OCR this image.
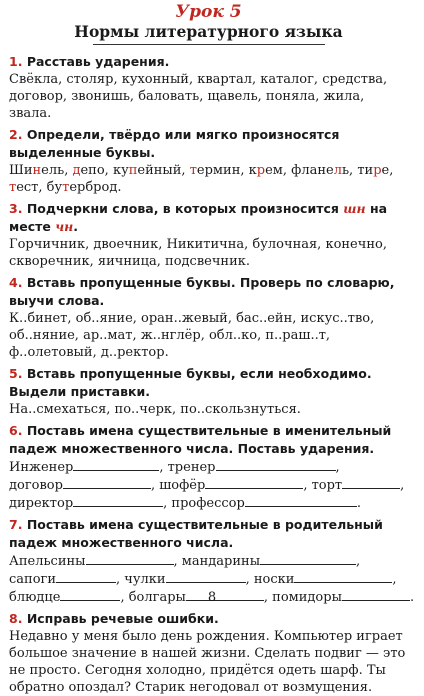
Урок 5
Нормы литературного языка

1. Расставь ударения.

Свёкла, столяр, кухонный, квартал, каталог, средства, договор, звонишь, баловать, щавель, поняла, жила, звала.

2. Определи, твёрдо или мягко произносятся выделенные буквы.

Шинель, депо, купейный, термин, крем, фланель, тире, тест, бутерброд.

3. Подчеркни слова, в которых произносится шн на месте чн.

Горчичник, двоечник, Никитична, булочная, конечно, скворечник, яичница, подсвечник.

4. Вставь пропущенные буквы. Проверь по словарю, выучи слова.

К..бинет, об..яние, оран..жевый, бас..ейн, искус..тво, об..няние, ар..мат, ж..нглёр, обл..ко, п..раш..т, ф..олетовый, д..ректор.

5. Вставь пропущенные буквы, если необходимо. Выдели приставки.

На..смехаться, по..черк, по..скользнуться.

6. Поставь имена существительные в именительный падеж множественного числа. Поставь ударения.

Инженер	, тренер	,
договор	, шофёр	, торт	,
директор	, профессор	.

7. Поставь имена существительные в родительный падеж множественного числа.

Апельсины	, мандарины	,
сапоги	, чулки	, носки	,
блюдце	, болгары	, помидоры	.

8. Исправь речевые ошибки.

Недавно у меня было день рождения. Компьютер играет большое значение в нашей жизни. Сделать подвиг — это не просто. Сегодня холодно, придётся одеть шарф. Ты обратно опоздал? Старик негодовал от возмущения.

8
